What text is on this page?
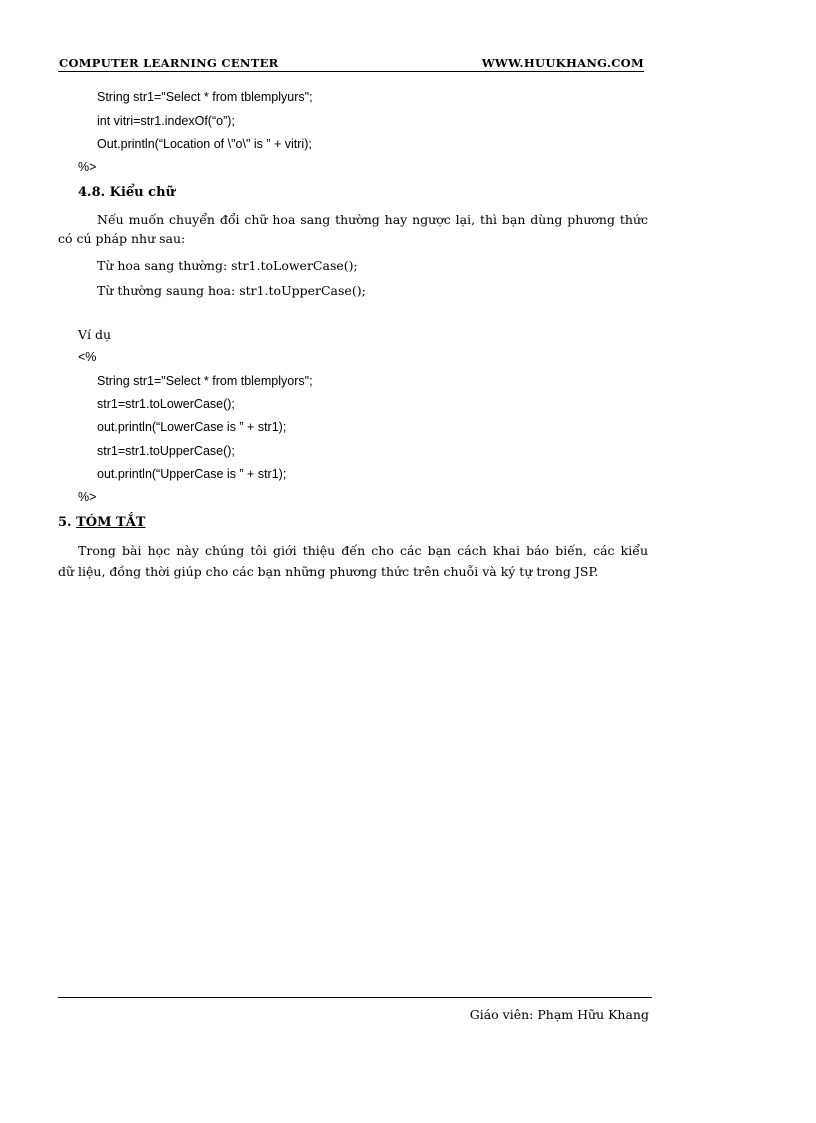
COMPUTER LEARNING CENTER	WWW.HUUKHANG.COM
String str1="Select * from tblemplyurs";
int vitri=str1.indexOf(“o”);
Out.println(“Location of \"o\" is ” + vitri);
%>
4.8. Kiểu chữ
Nếu muốn chuyển đổi chữ hoa sang thường hay ngược lại, thì bạn dùng phương thức
có cú pháp như sau:
Từ hoa sang thường: str1.toLowerCase();
Từ thường saung hoa: str1.toUpperCase();
Ví dụ
<%
String str1="Select * from tblemplyors";
str1=str1.toLowerCase();
out.println(“LowerCase is ” + str1);
str1=str1.toUpperCase();
out.println(“UpperCase is ” + str1);
%>
5. TÓM TẮT
Trong bài học này chúng tôi giới thiệu đến cho các bạn cách khai báo biến, các kiểu
dữ liệu, đồng thời giúp cho các bạn những phương thức trên chuỗi và ký tự trong JSP.
Giáo viên: Phạm Hữu Khang
